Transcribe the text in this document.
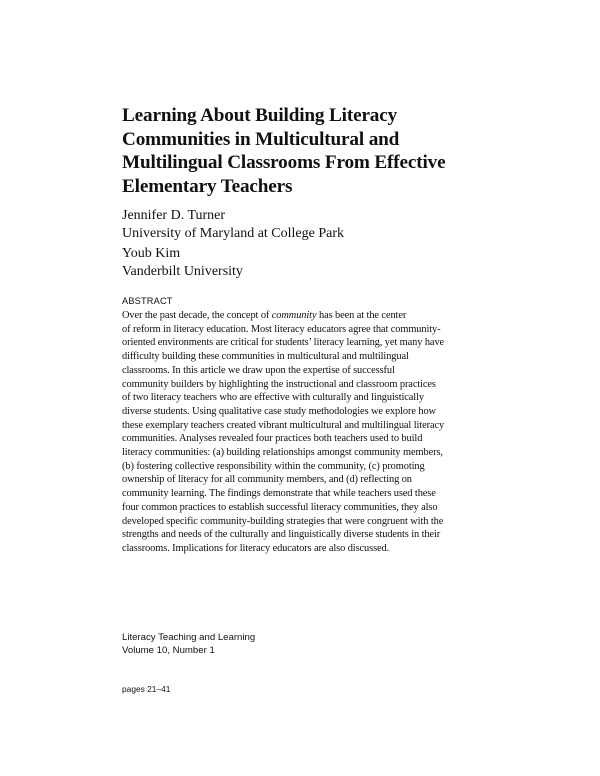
Learning About Building Literacy
Communities in Multicultural and
Multilingual Classrooms From Effective
Elementary Teachers
Jennifer D. Turner
University of Maryland at College Park
Youb Kim
Vanderbilt University
ABSTRACT
Over the past decade, the concept of community has been at the center
of reform in literacy education. Most literacy educators agree that community-
oriented environments are critical for students’ literacy learning, yet many have
difficulty building these communities in multicultural and multilingual
classrooms. In this article we draw upon the expertise of successful
community builders by highlighting the instructional and classroom practices
of two literacy teachers who are effective with culturally and linguistically
diverse students. Using qualitative case study methodologies we explore how
these exemplary teachers created vibrant multicultural and multilingual literacy
communities. Analyses revealed four practices both teachers used to build
literacy communities: (a) building relationships amongst community members,
(b) fostering collective responsibility within the community, (c) promoting
ownership of literacy for all community members, and (d) reflecting on
community learning. The findings demonstrate that while teachers used these
four common practices to establish successful literacy communities, they also
developed specific community-building strategies that were congruent with the
strengths and needs of the culturally and linguistically diverse students in their
classrooms. Implications for literacy educators are also discussed.
Literacy Teaching and Learning
Volume 10, Number 1
pages 21–41
